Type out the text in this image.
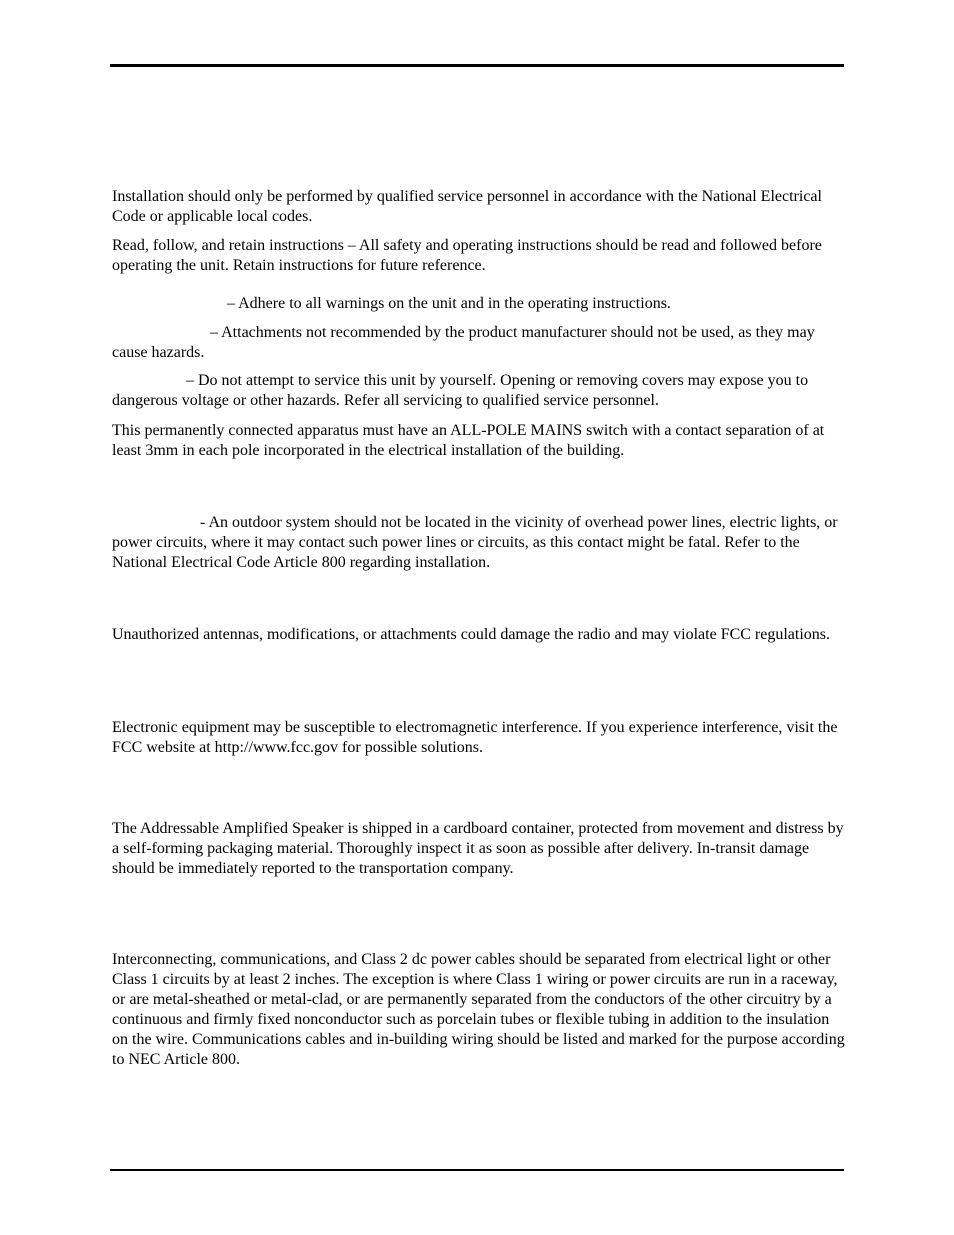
Installation should only be performed by qualified service personnel in accordance with the National Electrical Code or applicable local codes.

Read, follow, and retain instructions – All safety and operating instructions should be read and followed before operating the unit. Retain instructions for future reference.

– Adhere to all warnings on the unit and in the operating instructions.

– Attachments not recommended by the product manufacturer should not be used, as they may cause hazards.

– Do not attempt to service this unit by yourself. Opening or removing covers may expose you to dangerous voltage or other hazards. Refer all servicing to qualified service personnel.

This permanently connected apparatus must have an ALL-POLE MAINS switch with a contact separation of at least 3mm in each pole incorporated in the electrical installation of the building.

- An outdoor system should not be located in the vicinity of overhead power lines, electric lights, or power circuits, where it may contact such power lines or circuits, as this contact might be fatal. Refer to the National Electrical Code Article 800 regarding installation.

Unauthorized antennas, modifications, or attachments could damage the radio and may violate FCC regulations.

Electronic equipment may be susceptible to electromagnetic interference. If you experience interference, visit the FCC website at http://www.fcc.gov for possible solutions.

The Addressable Amplified Speaker is shipped in a cardboard container, protected from movement and distress by a self-forming packaging material. Thoroughly inspect it as soon as possible after delivery. In-transit damage should be immediately reported to the transportation company.

Interconnecting, communications, and Class 2 dc power cables should be separated from electrical light or other Class 1 circuits by at least 2 inches. The exception is where Class 1 wiring or power circuits are run in a raceway, or are metal-sheathed or metal-clad, or are permanently separated from the conductors of the other circuitry by a continuous and firmly fixed nonconductor such as porcelain tubes or flexible tubing in addition to the insulation on the wire. Communications cables and in-building wiring should be listed and marked for the purpose according to NEC Article 800.
